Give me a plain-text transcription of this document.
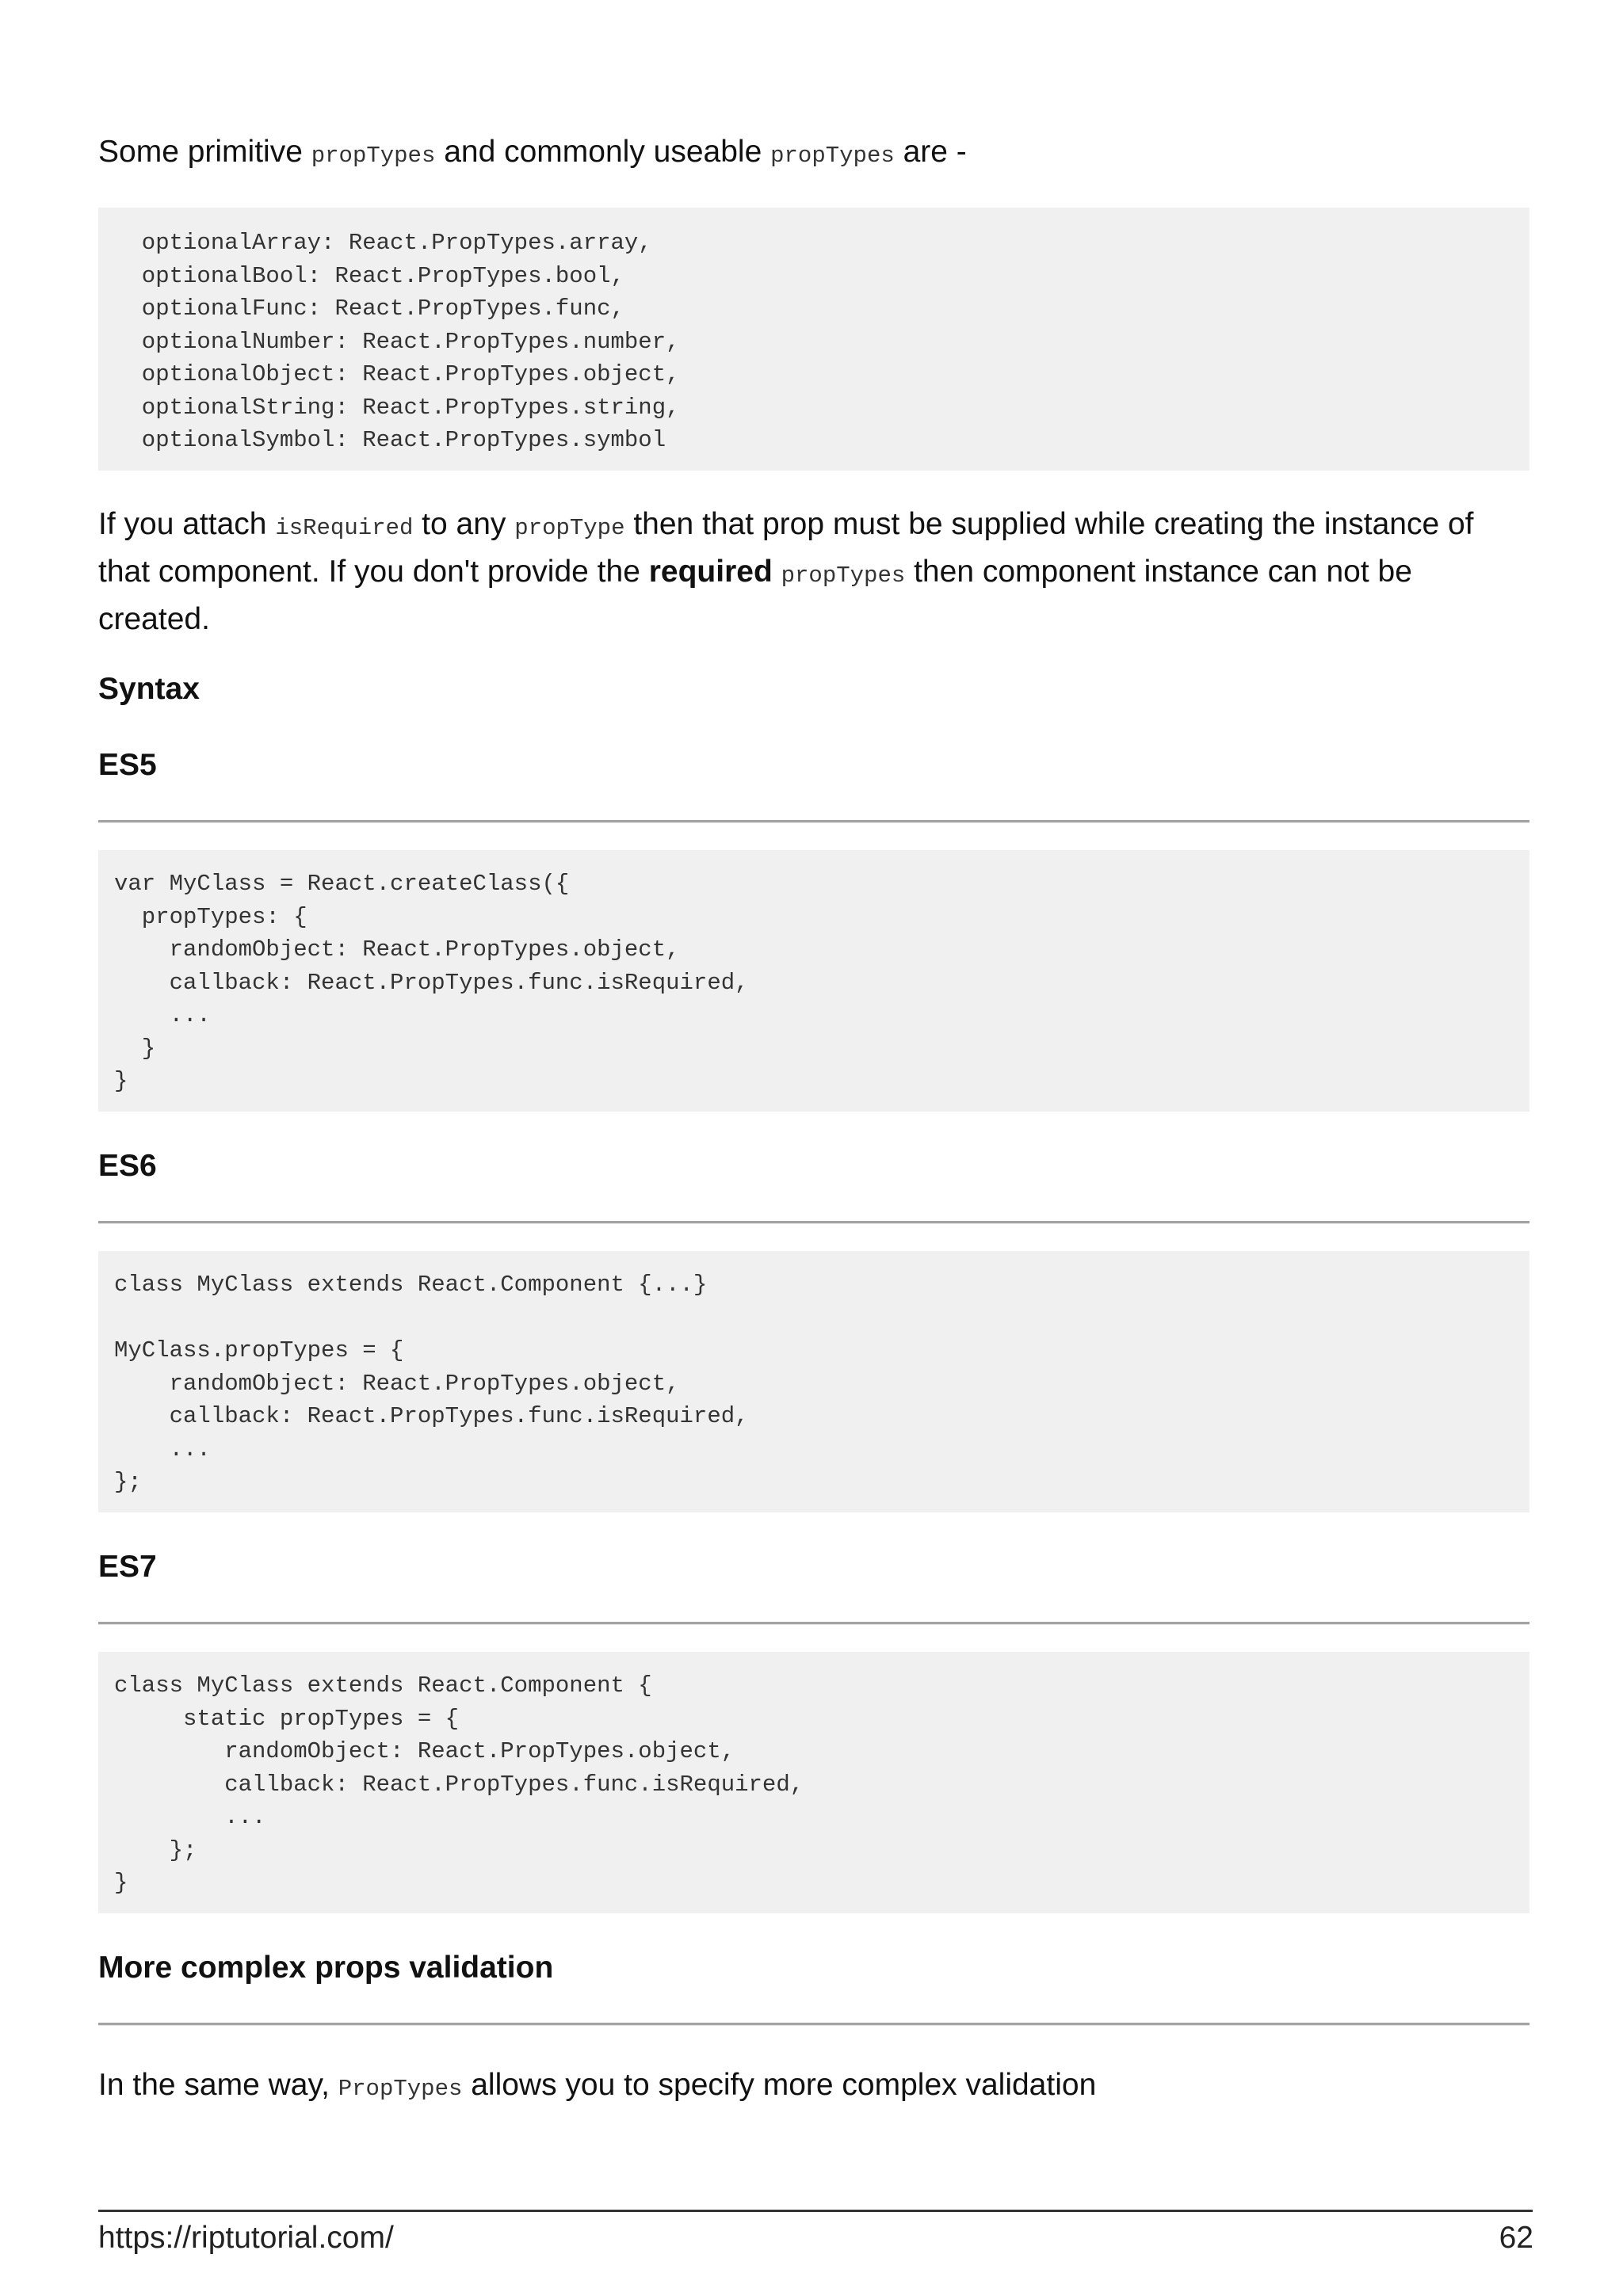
Some primitive propTypes and commonly useable propTypes are -

optionalArray: React.PropTypes.array,
optionalBool: React.PropTypes.bool,
optionalFunc: React.PropTypes.func,
optionalNumber: React.PropTypes.number,
optionalObject: React.PropTypes.object,
optionalString: React.PropTypes.string,
optionalSymbol: React.PropTypes.symbol

If you attach isRequired to any propType then that prop must be supplied while creating the instance of that component. If you don't provide the required propTypes then component instance can not be created.

Syntax
ES5
var MyClass = React.createClass({
propTypes: {
randomObject: React.PropTypes.object,
callback: React.PropTypes.func.isRequired,
...
}
}
ES6
class MyClass extends React.Component {...}

MyClass.propTypes = {
randomObject: React.PropTypes.object,
callback: React.PropTypes.func.isRequired,
...
};
ES7
class MyClass extends React.Component {
static propTypes = {
randomObject: React.PropTypes.object,
callback: React.PropTypes.func.isRequired,
...
};
}
More complex props validation

In the same way, PropTypes allows you to specify more complex validation

https://riptutorial.com/	62
